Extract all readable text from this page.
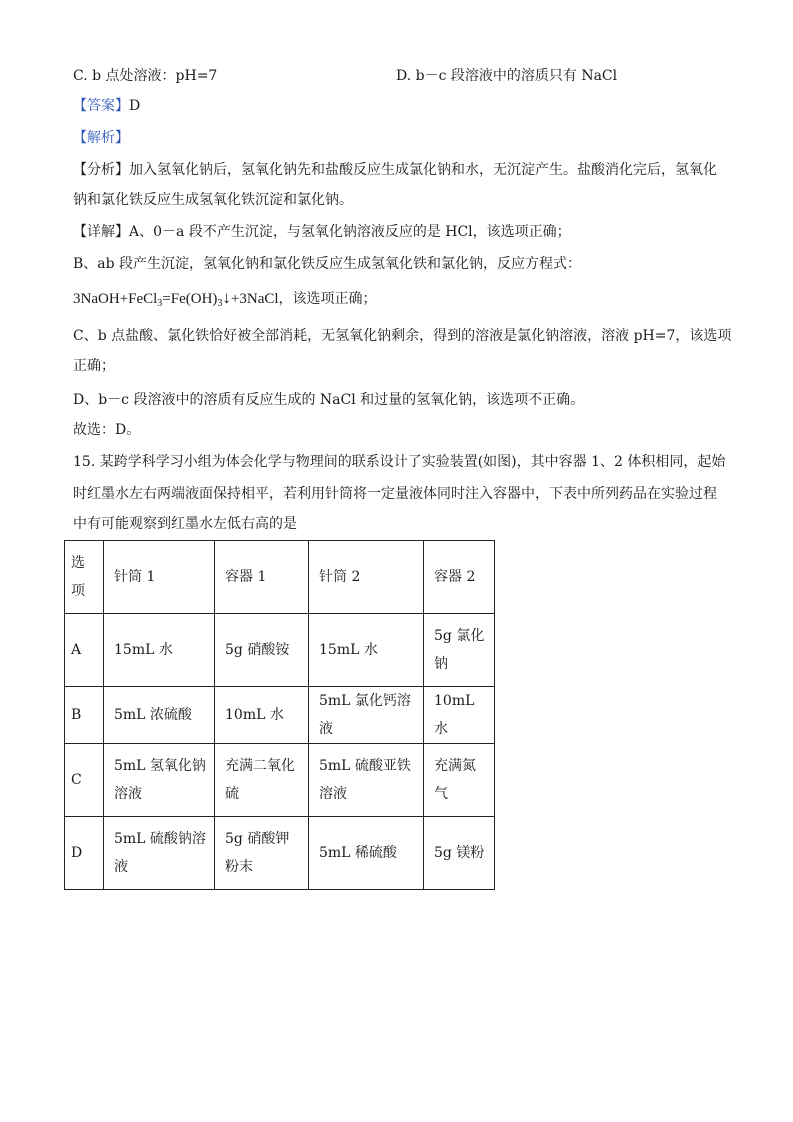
C. b 点处溶液：pH=7	D. b－c 段溶液中的溶质只有 NaCl
【答案】D
【解析】
【分析】加入氢氧化钠后，氢氧化钠先和盐酸反应生成氯化钠和水，无沉淀产生。盐酸消化完后，氢氧化
钠和氯化铁反应生成氢氧化铁沉淀和氯化钠。
【详解】A、0－a 段不产生沉淀，与氢氧化钠溶液反应的是 HCl，该选项正确；
B、ab 段产生沉淀，氢氧化钠和氯化铁反应生成氢氧化铁和氯化钠，反应方程式：
$3NaOH+FeCl_3=Fe(OH)_3↓+3NaCl$，该选项正确；
C、b 点盐酸、氯化铁恰好被全部消耗，无氢氧化钠剩余，得到的溶液是氯化钠溶液，溶液 pH=7，该选项
正确；
D、b－c 段溶液中的溶质有反应生成的 NaCl 和过量的氢氧化钠，该选项不正确。
故选：D。
15. 某跨学科学习小组为体会化学与物理间的联系设计了实验装置(如图)，其中容器 1、2 体积相同，起始
时红墨水左右两端液面保持相平，若利用针筒将一定量液体同时注入容器中，下表中所列药品在实验过程
中有可能观察到红墨水左低右高的是
选项	针筒 1	容器 1	针筒 2	容器 2
A	15mL 水	5g 硝酸铵	15mL 水	5g 氯化钠
B	5mL 浓硫酸	10mL 水	5mL 氯化钙溶液	10mL 水
C	5mL 氢氧化钠溶液	充满二氧化硫	5mL 硫酸亚铁溶液	充满氮气
D	5mL 硫酸钠溶液	5g 硝酸钾粉末	5mL 稀硫酸	5g 镁粉
